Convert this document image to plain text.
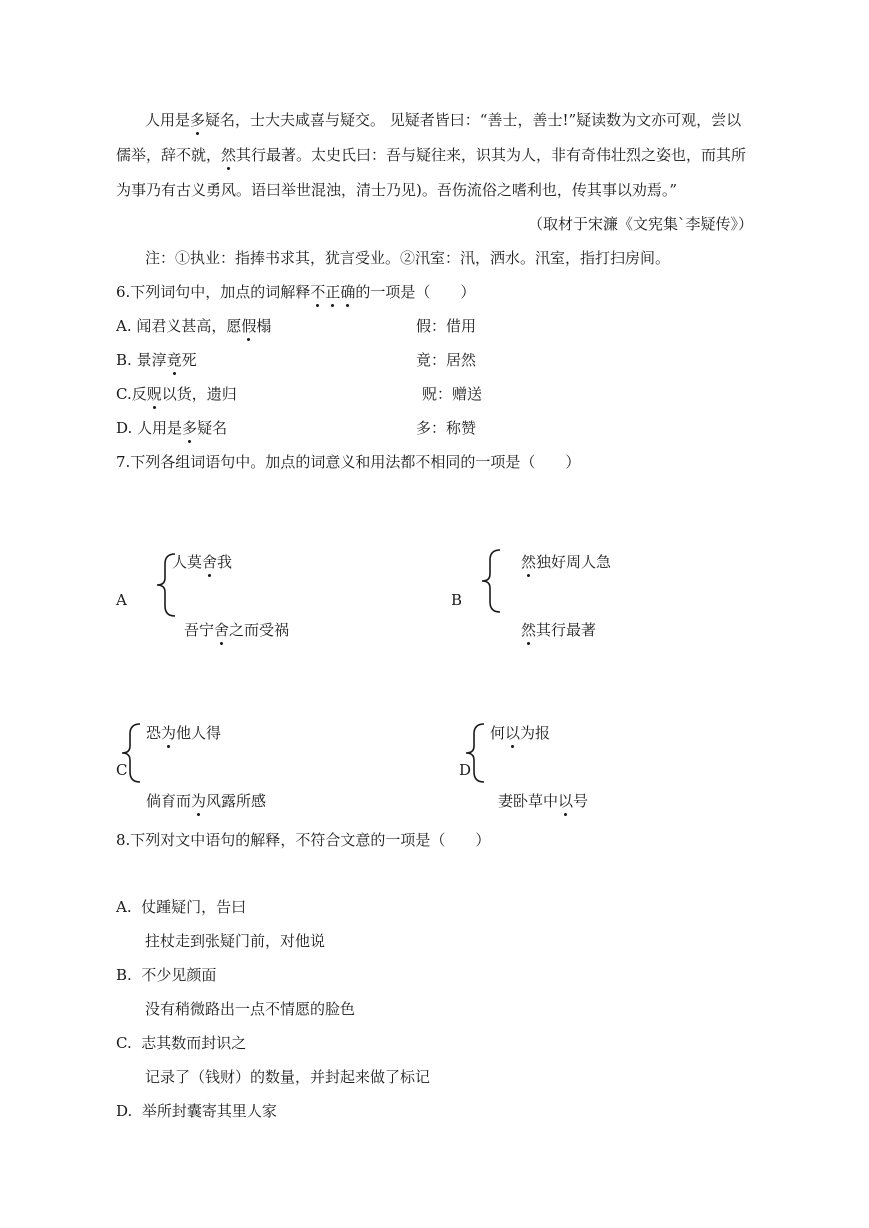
人用是多疑名，士大夫咸喜与疑交。 见疑者皆曰：“善士，善士!”疑读数为文亦可观，尝以
儒举，辞不就，然其行最著。太史氏曰：吾与疑往来，识其为人，非有奇伟壮烈之姿也，而其所
为事乃有古义勇风。语曰举世混浊，清士乃见)。吾伤流俗之嗜利也，传其事以劝焉。”
（取材于宋濂《文宪集`李疑传》）
注：①执业：指捧书求其，犹言受业。②汛室：汛，洒水。汛室，指打扫房间。
6.下列词句中，加点的词解释不正确的一项是（　　）
A. 闻君义甚高，愿假榻	假：借用
B. 景淳竟死	竟：居然
C.反贶以货，遗归	贶：赠送
D. 人用是多疑名	多：称赞
7.下列各组词语句中。加点的词意义和用法都不相同的一项是（　　）
A
人莫舍我
吾宁舍之而受祸
B
然独好周人急
然其行最著
C
恐为他人得
倘育而为风露所感
D
何以为报
妻卧草中以号
8.下列对文中语句的解释，不符合文意的一项是（　　）
A. 仗踵疑门，告曰
拄杖走到张疑门前，对他说
B. 不少见颜面
没有稍微路出一点不情愿的脸色
C. 志其数而封识之
记录了（钱财）的数量，并封起来做了标记
D. 举所封囊寄其里人家
